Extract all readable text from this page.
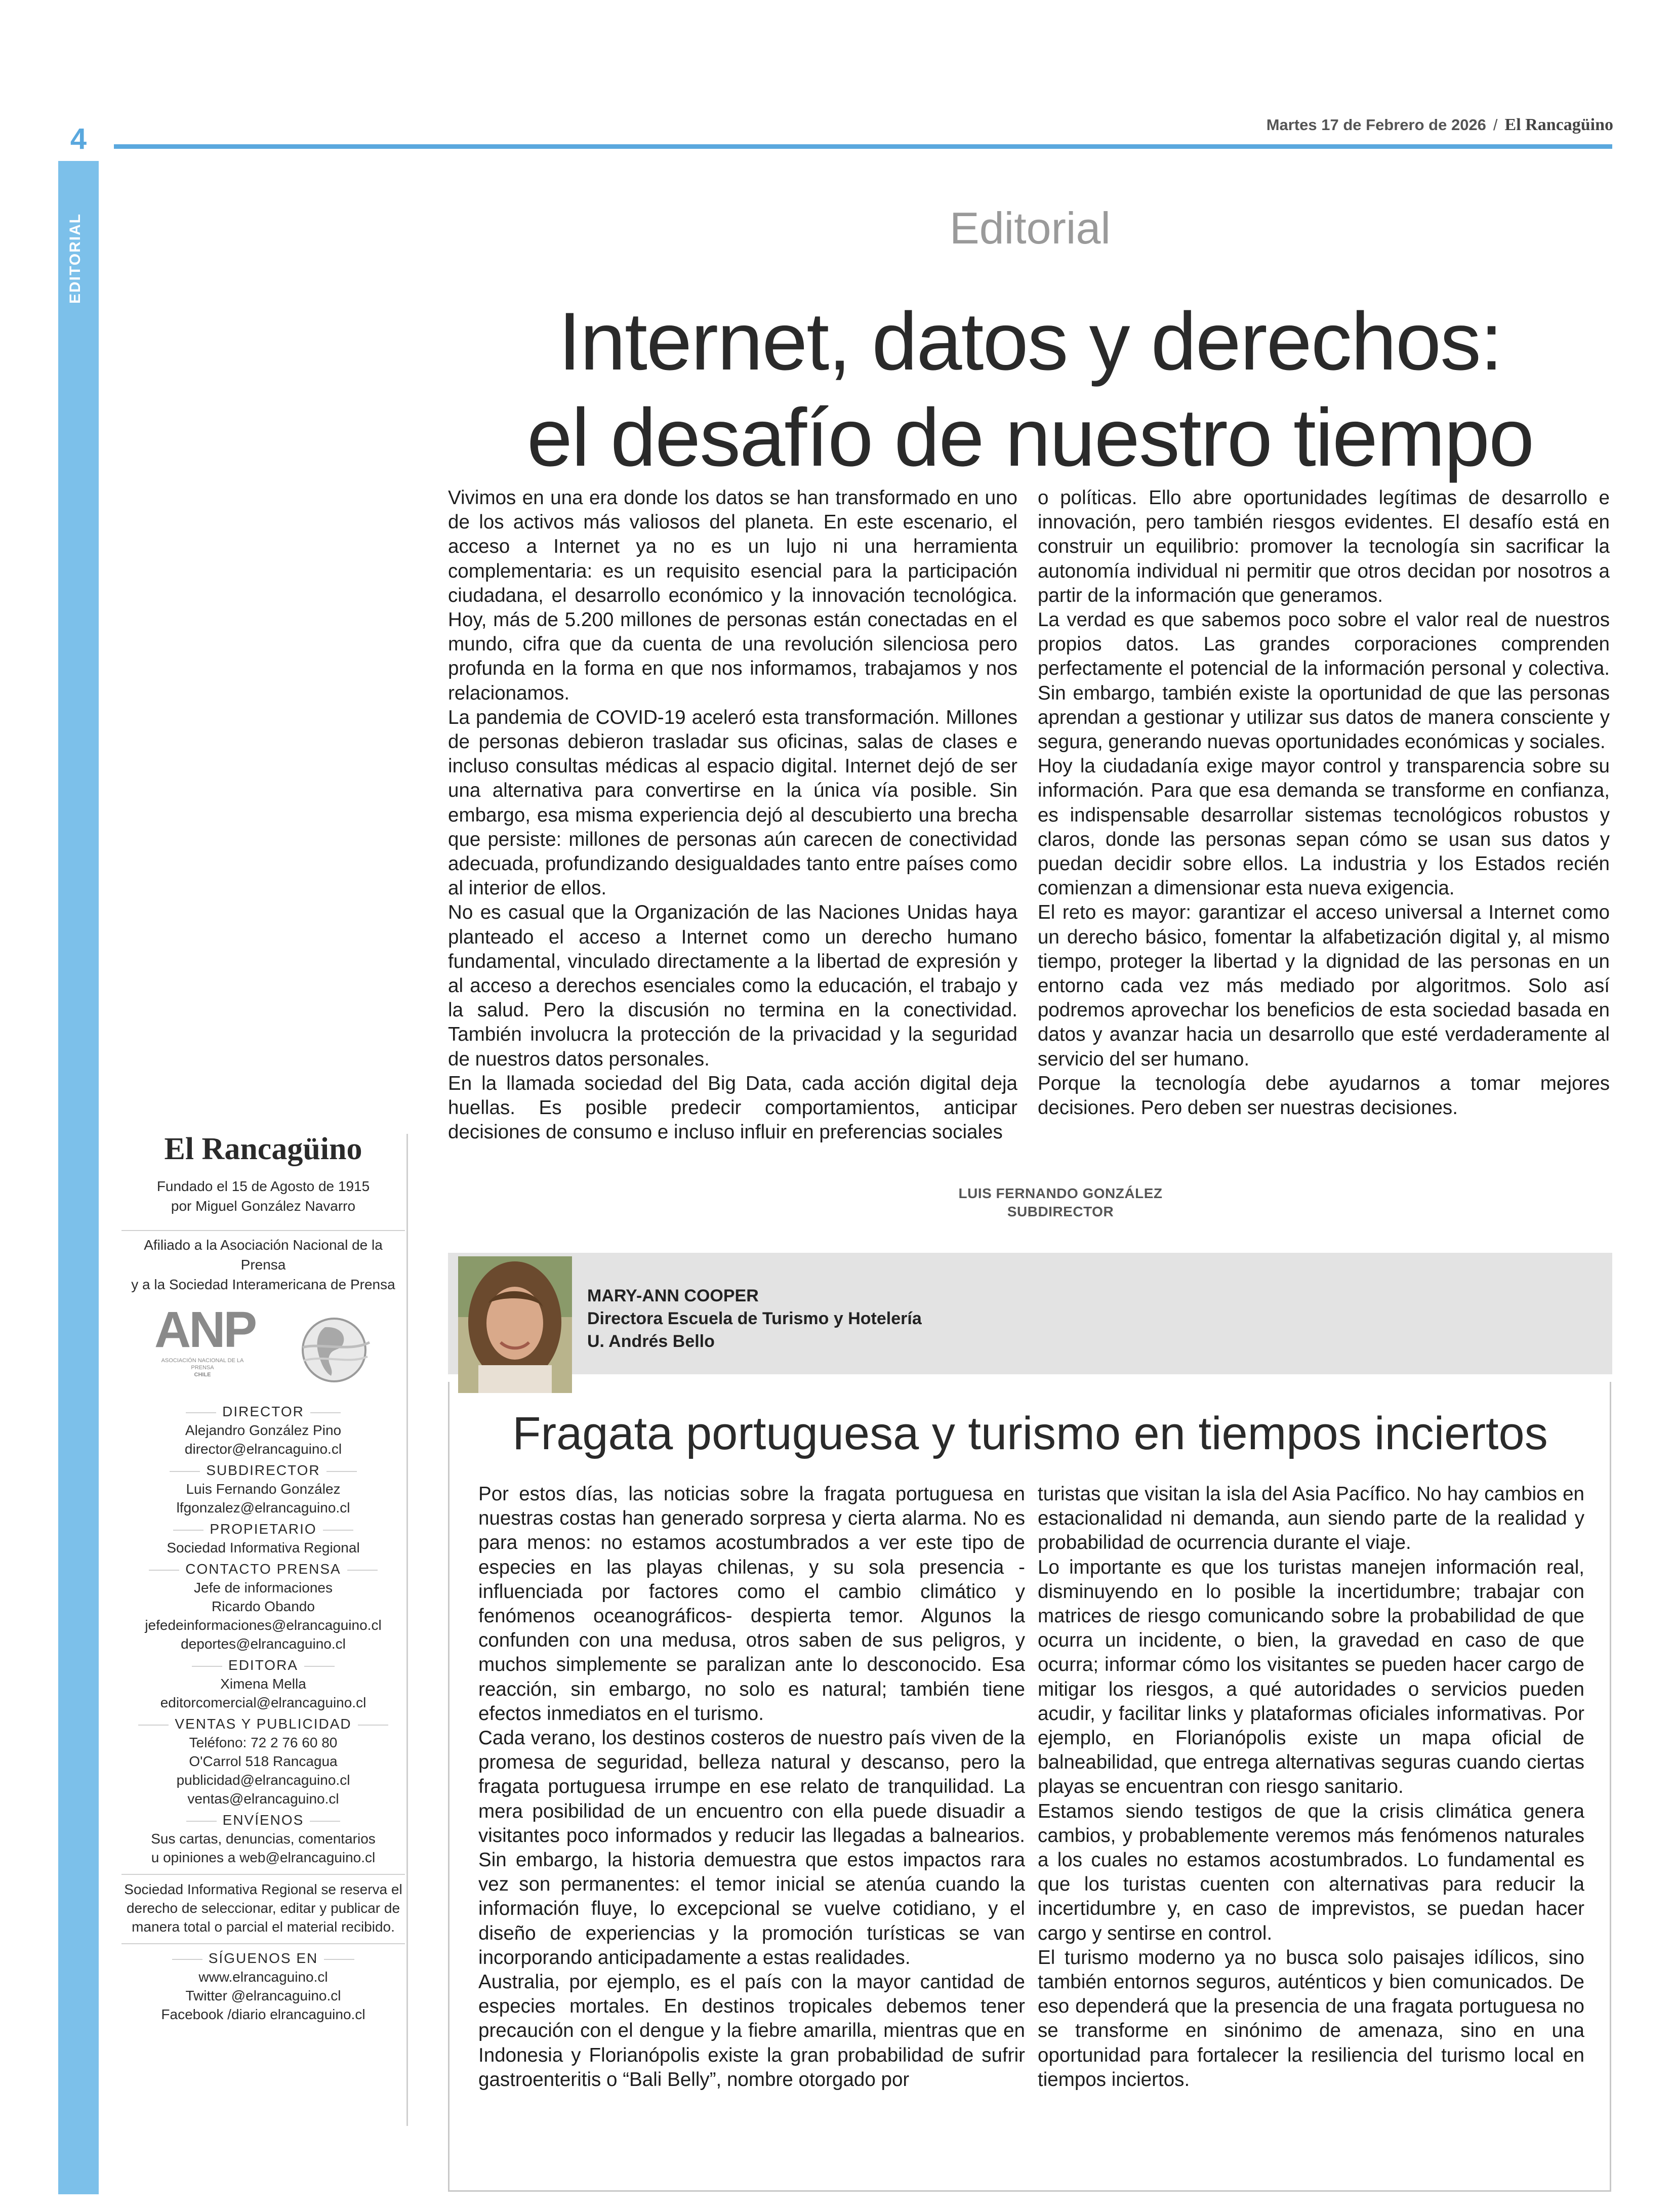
4
EDITORIAL
Martes 17 de Febrero de 2026 / El Rancagüino
Editorial
Internet, datos y derechos:
el desafío de nuestro tiempo

Vivimos en una era donde los datos se han transformado en uno de los activos más valiosos del planeta. En este escenario, el acceso a Internet ya no es un lujo ni una herramienta complementaria: es un requisito esencial para la participación ciudadana, el desarrollo económico y la innovación tecnológica. Hoy, más de 5.200 millones de personas están conectadas en el mundo, cifra que da cuenta de una revolución silenciosa pero profunda en la forma en que nos informamos, trabajamos y nos relacionamos.

La pandemia de COVID-19 aceleró esta transformación. Millones de personas debieron trasladar sus oficinas, salas de clases e incluso consultas médicas al espacio digital. Internet dejó de ser una alternativa para convertirse en la única vía posible. Sin embargo, esa misma experiencia dejó al descubierto una brecha que persiste: millones de personas aún carecen de conectividad adecuada, profundizando desigualdades tanto entre países como al interior de ellos.

No es casual que la Organización de las Naciones Unidas haya planteado el acceso a Internet como un derecho humano fundamental, vinculado directamente a la libertad de expresión y al acceso a derechos esenciales como la educación, el trabajo y la salud. Pero la discusión no termina en la conectividad. También involucra la protección de la privacidad y la seguridad de nuestros datos personales.

En la llamada sociedad del Big Data, cada acción digital deja huellas. Es posible predecir comportamientos, anticipar decisiones de consumo e incluso influir en preferencias sociales

o políticas. Ello abre oportunidades legítimas de desarrollo e innovación, pero también riesgos evidentes. El desafío está en construir un equilibrio: promover la tecnología sin sacrificar la autonomía individual ni permitir que otros decidan por nosotros a partir de la información que generamos.

La verdad es que sabemos poco sobre el valor real de nuestros propios datos. Las grandes corporaciones comprenden perfectamente el potencial de la información personal y colectiva. Sin embargo, también existe la oportunidad de que las personas aprendan a gestionar y utilizar sus datos de manera consciente y segura, generando nuevas oportunidades económicas y sociales.

Hoy la ciudadanía exige mayor control y transparencia sobre su información. Para que esa demanda se transforme en confianza, es indispensable desarrollar sistemas tecnológicos robustos y claros, donde las personas sepan cómo se usan sus datos y puedan decidir sobre ellos. La industria y los Estados recién comienzan a dimensionar esta nueva exigencia.

El reto es mayor: garantizar el acceso universal a Internet como un derecho básico, fomentar la alfabetización digital y, al mismo tiempo, proteger la libertad y la dignidad de las personas en un entorno cada vez más mediado por algoritmos. Solo así podremos aprovechar los beneficios de esta sociedad basada en datos y avanzar hacia un desarrollo que esté verdaderamente al servicio del ser humano.

Porque la tecnología debe ayudarnos a tomar mejores decisiones. Pero deben ser nuestras decisiones.

LUIS FERNANDO GONZÁLEZ
SUBDIRECTOR
El Rancagüino
Fundado el 15 de Agosto de 1915
por Miguel González Navarro
Afiliado a la Asociación Nacional de la Prensa
y a la Sociedad Interamericana de Prensa
ANP
ASOCIACIÓN NACIONAL DE LA PRENSA
CHILE
DIRECTOR
Alejandro González Pino
director@elrancaguino.cl
SUBDIRECTOR
Luis Fernando González
lfgonzalez@elrancaguino.cl
PROPIETARIO
Sociedad Informativa Regional
CONTACTO PRENSA
Jefe de informaciones
Ricardo Obando
jefedeinformaciones@elrancaguino.cl
deportes@elrancaguino.cl
EDITORA
Ximena Mella
editorcomercial@elrancaguino.cl
VENTAS Y PUBLICIDAD
Teléfono: 72 2 76 60 80
O'Carrol 518 Rancagua
publicidad@elrancaguino.cl
ventas@elrancaguino.cl
ENVÍENOS
Sus cartas, denuncias, comentarios
u opiniones a web@elrancaguino.cl
Sociedad Informativa Regional se reserva el
derecho de seleccionar, editar y publicar de
manera total o parcial el material recibido.
SÍGUENOS EN
www.elrancaguino.cl
Twitter @elrancaguino.cl
Facebook /diario elrancaguino.cl
MARY-ANN COOPER
Directora Escuela de Turismo y Hotelería
U. Andrés Bello
Fragata portuguesa y turismo en tiempos inciertos

Por estos días, las noticias sobre la fragata portuguesa en nuestras costas han generado sorpresa y cierta alarma. No es para menos: no estamos acostumbrados a ver este tipo de especies en las playas chilenas, y su sola presencia -influenciada por factores como el cambio climático y fenómenos oceanográficos- despierta temor. Algunos la confunden con una medusa, otros saben de sus peligros, y muchos simplemente se paralizan ante lo desconocido. Esa reacción, sin embargo, no solo es natural; también tiene efectos inmediatos en el turismo.

Cada verano, los destinos costeros de nuestro país viven de la promesa de seguridad, belleza natural y descanso, pero la fragata portuguesa irrumpe en ese relato de tranquilidad. La mera posibilidad de un encuentro con ella puede disuadir a visitantes poco informados y reducir las llegadas a balnearios. Sin embargo, la historia demuestra que estos impactos rara vez son permanentes: el temor inicial se atenúa cuando la información fluye, lo excepcional se vuelve cotidiano, y el diseño de experiencias y la promoción turísticas se van incorporando anticipadamente a estas realidades.

Australia, por ejemplo, es el país con la mayor cantidad de especies mortales. En destinos tropicales debemos tener precaución con el dengue y la fiebre amarilla, mientras que en Indonesia y Florianópolis existe la gran probabilidad de sufrir gastroenteritis o “Bali Belly”, nombre otorgado por

turistas que visitan la isla del Asia Pacífico. No hay cambios en estacionalidad ni demanda, aun siendo parte de la realidad y probabilidad de ocurrencia durante el viaje.

Lo importante es que los turistas manejen información real, disminuyendo en lo posible la incertidumbre; trabajar con matrices de riesgo comunicando sobre la probabilidad de que ocurra un incidente, o bien, la gravedad en caso de que ocurra; informar cómo los visitantes se pueden hacer cargo de mitigar los riesgos, a qué autoridades o servicios pueden acudir, y facilitar links y plataformas oficiales informativas. Por ejemplo, en Florianópolis existe un mapa oficial de balneabilidad, que entrega alternativas seguras cuando ciertas playas se encuentran con riesgo sanitario.

Estamos siendo testigos de que la crisis climática genera cambios, y probablemente veremos más fenómenos naturales a los cuales no estamos acostumbrados. Lo fundamental es que los turistas cuenten con alternativas para reducir la incertidumbre y, en caso de imprevistos, se puedan hacer cargo y sentirse en control.

El turismo moderno ya no busca solo paisajes idílicos, sino también entornos seguros, auténticos y bien comunicados. De eso dependerá que la presencia de una fragata portuguesa no se transforme en sinónimo de amenaza, sino en una oportunidad para fortalecer la resiliencia del turismo local en tiempos inciertos.
